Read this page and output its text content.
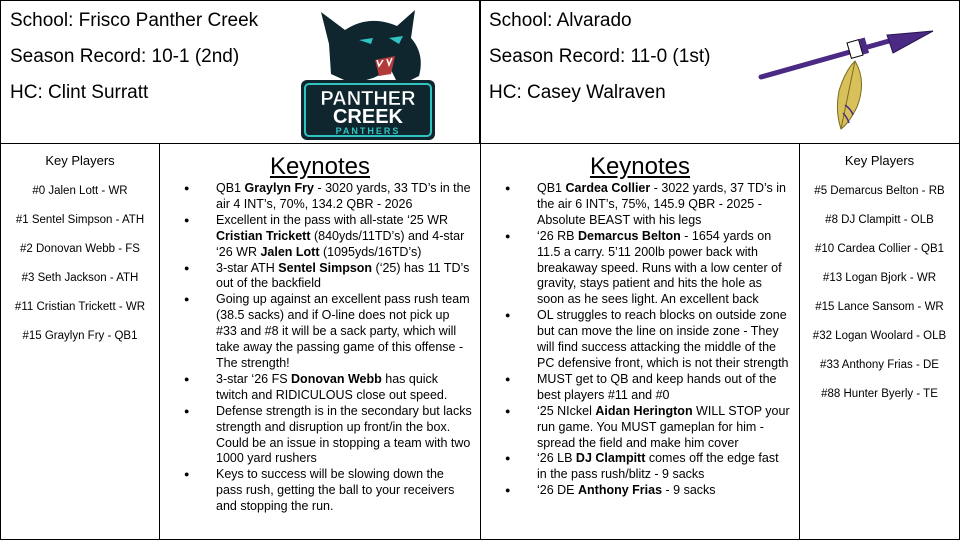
School: Frisco Panther Creek
Season Record: 10-1 (2nd)
HC: Clint Surratt	PANTHER
CREEK
PANTHERS
School: Alvarado
Season Record: 11-0 (1st)
HC: Casey Walraven
Key Players
#0 Jalen Lott - WR
#1 Sentel Simpson - ATH
#2 Donovan Webb - FS
#3 Seth Jackson - ATH
#11 Cristian Trickett - WR
#15 Graylyn Fry - QB1
Keynotes
● QB1 Graylyn Fry - 3020 yards, 33 TD’s in the air 4 INT’s, 70%, 134.2 QBR - 2026
● Excellent in the pass with all-state ‘25 WR Cristian Trickett (840yds/11TD’s) and 4-star ‘26 WR Jalen Lott (1095yds/16TD’s)
● 3-star ATH Sentel Simpson (‘25) has 11 TD’s out of the backfield
● Going up against an excellent pass rush team (38.5 sacks) and if O-line does not pick up #33 and #8 it will be a sack party, which will take away the passing game of this offense - The strength!
● 3-star ‘26 FS Donovan Webb has quick twitch and RIDICULOUS close out speed.
● Defense strength is in the secondary but lacks strength and disruption up front/in the box. Could be an issue in stopping a team with two 1000 yard rushers
● Keys to success will be slowing down the pass rush, getting the ball to your receivers and stopping the run.
Keynotes
● QB1 Cardea Collier - 3022 yards, 37 TD’s in the air 6 INT’s, 75%, 145.9 QBR - 2025 - Absolute BEAST with his legs
● ‘26 RB Demarcus Belton - 1654 yards on 11.5 a carry. 5’11 200lb power back with breakaway speed. Runs with a low center of gravity, stays patient and hits the hole as soon as he sees light. An excellent back
● OL struggles to reach blocks on outside zone but can move the line on inside zone - They will find success attacking the middle of the PC defensive front, which is not their strength
● MUST get to QB and keep hands out of the best players #11 and #0
● ‘25 NIckel Aidan Herington WILL STOP your run game. You MUST gameplan for him - spread the field and make him cover
● ‘26 LB DJ Clampitt comes off the edge fast in the pass rush/blitz - 9 sacks
● ‘26 DE Anthony Frias - 9 sacks
Key Players
#5 Demarcus Belton - RB
#8 DJ Clampitt - OLB
#10 Cardea Collier - QB1
#13 Logan Bjork - WR
#15 Lance Sansom - WR
#32 Logan Woolard - OLB
#33 Anthony Frias - DE
#88 Hunter Byerly - TE
